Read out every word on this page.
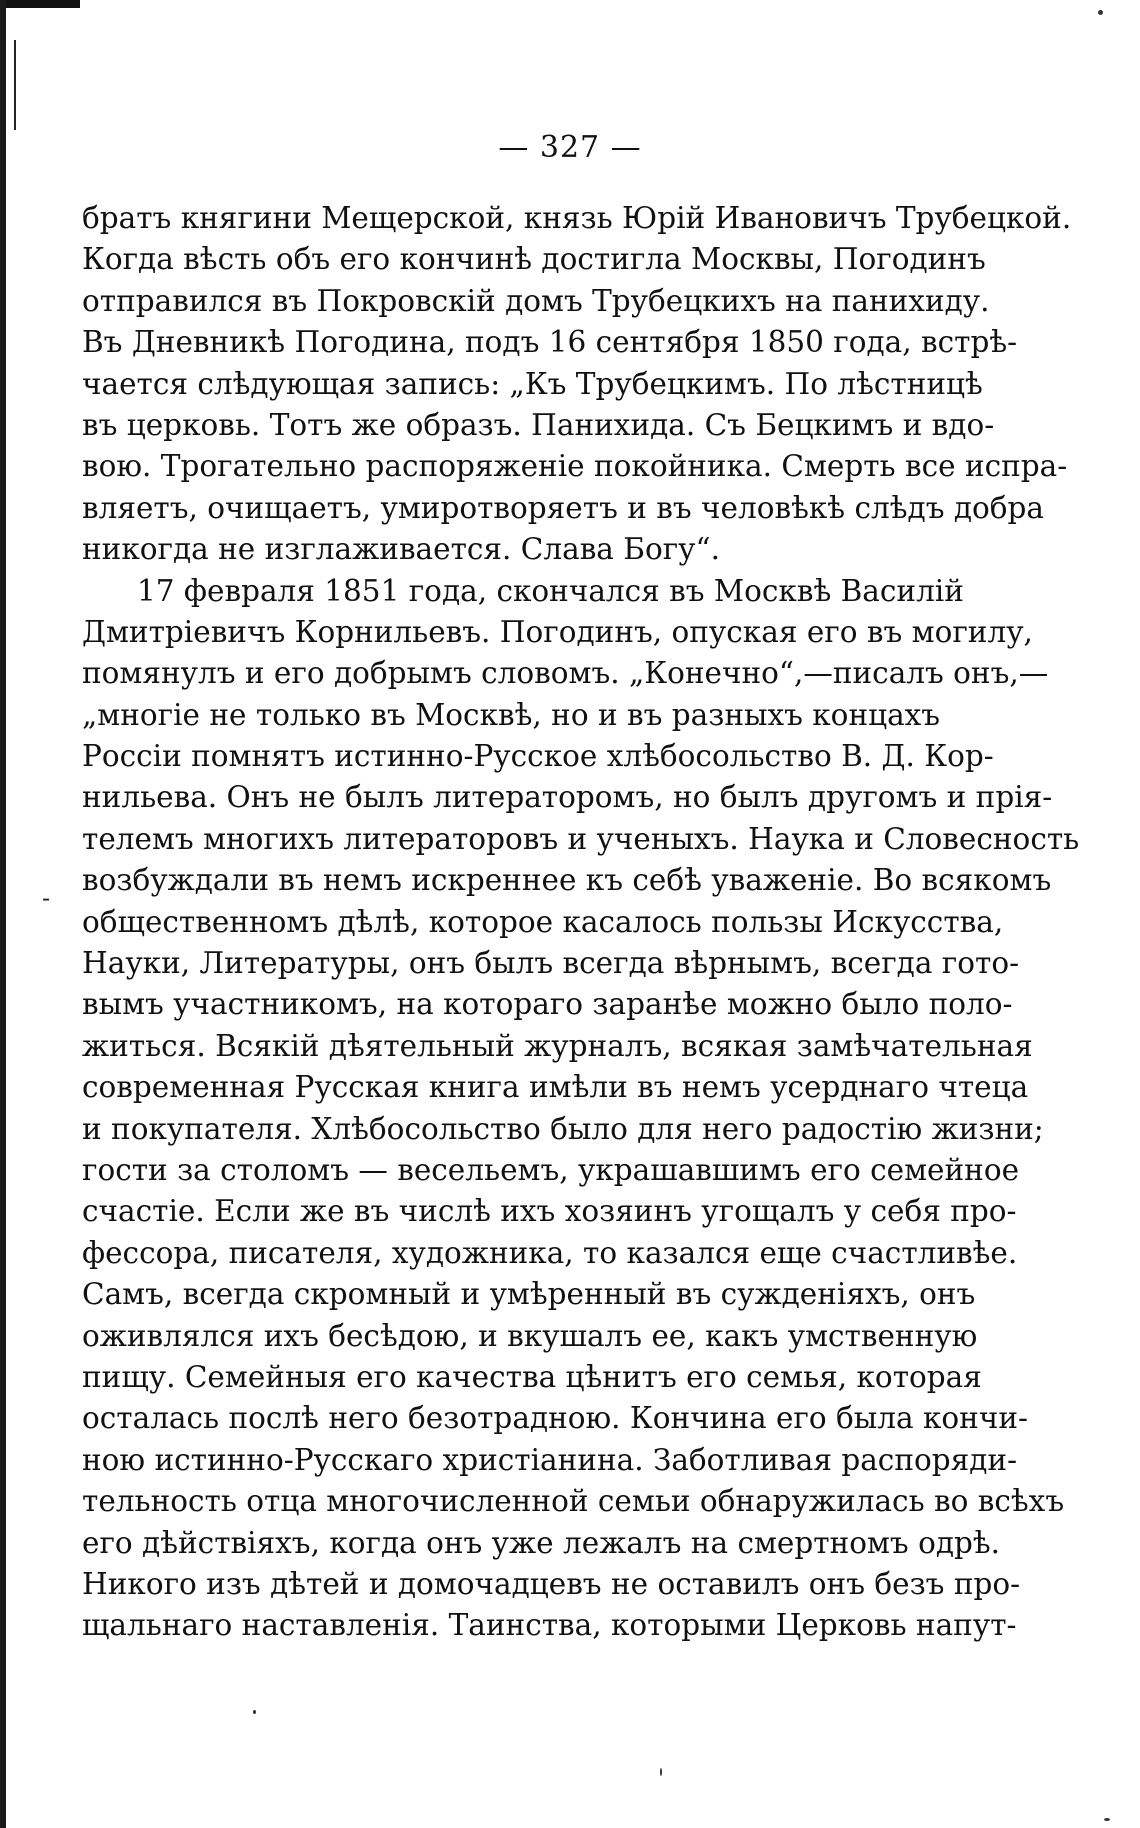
— 327 —
-
братъ княгини Мещерской, князь Юрій Ивановичъ Трубецкой.
Когда вѣсть объ его кончинѣ достигла Москвы, Погодинъ
отправился въ Покровскій домъ Трубецкихъ на панихиду.
Въ Дневникѣ Погодина, подъ 16 сентября 1850 года, встрѣ-
чается слѣдующая запись: „Къ Трубецкимъ. По лѣстницѣ
въ церковь. Тотъ же образъ. Панихида. Съ Бецкимъ и вдо-
вою. Трогательно распоряженіе покойника. Смерть все испра-
вляетъ, очищаетъ, умиротворяетъ и въ человѣкѣ слѣдъ добра
никогда не изглаживается. Слава Богу“.
17 февраля 1851 года, скончался въ Москвѣ Василій
Дмитріевичъ Корнильевъ. Погодинъ, опуская его въ могилу,
помянулъ и его добрымъ словомъ. „Конечно“,—писалъ онъ,—
„многіе не только въ Москвѣ, но и въ разныхъ концахъ
Россіи помнятъ истинно-Русское хлѣбосольство В. Д. Кор-
нильева. Онъ не былъ литераторомъ, но былъ другомъ и прія-
телемъ многихъ литераторовъ и ученыхъ. Наука и Словесность
возбуждали въ немъ искреннее къ себѣ уваженіе. Во всякомъ
общественномъ дѣлѣ, которое касалось пользы Искусства,
Науки, Литературы, онъ былъ всегда вѣрнымъ, всегда гото-
вымъ участникомъ, на котораго заранѣе можно было поло-
житься. Всякій дѣятельный журналъ, всякая замѣчательная
современная Русская книга имѣли въ немъ усерднаго чтеца
и покупателя. Хлѣбосольство было для него радостію жизни;
гости за столомъ — весельемъ, украшавшимъ его семейное
счастіе. Если же въ числѣ ихъ хозяинъ угощалъ у себя про-
фессора, писателя, художника, то казался еще счастливѣе.
Самъ, всегда скромный и умѣренный въ сужденіяхъ, онъ
оживлялся ихъ бесѣдою, и вкушалъ ее, какъ умственную
пищу. Семейныя его качества цѣнитъ его семья, которая
осталась послѣ него безотрадною. Кончина его была кончи-
ною истинно-Русскаго христіанина. Заботливая распоряди-
тельность отца многочисленной семьи обнаружилась во всѣхъ
его дѣйствіяхъ, когда онъ уже лежалъ на смертномъ одрѣ.
Никого изъ дѣтей и домочадцевъ не оставилъ онъ безъ про-
щальнаго наставленія. Таинства, которыми Церковь напут-
